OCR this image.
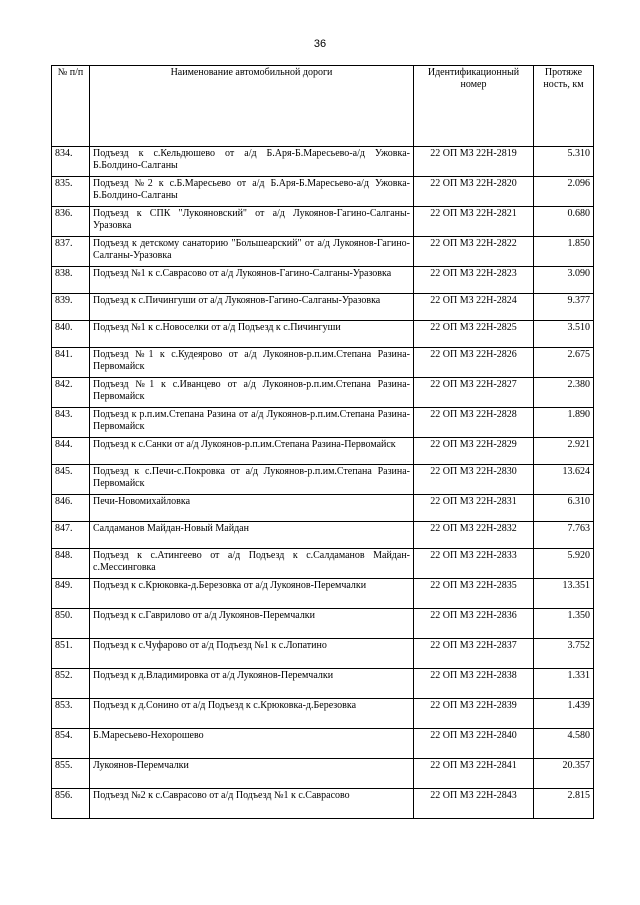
36
№ п/п	Наименование автомобильной дороги	Идентификационный номер	Протяже ность, км
834.	Подъезд к с.Кельдюшево от а/д Б.Аря-Б.Маресьево-а/д Ужовка-Б.Болдино-Салганы	22 ОП МЗ 22Н-2819	5.310
835.	Подъезд №2 к с.Б.Маресьево от а/д Б.Аря-Б.Маресьево-а/д Ужовка-Б.Болдино-Салганы	22 ОП МЗ 22Н-2820	2.096
836.	Подъезд к СПК "Лукояновский" от а/д Лукоянов-Гагино-Салганы-Уразовка	22 ОП МЗ 22Н-2821	0.680
837.	Подъезд к детскому санаторию "Большеарский" от а/д Лукоянов-Гагино-Салганы-Уразовка	22 ОП МЗ 22Н-2822	1.850
838.	Подъезд №1 к с.Саврасово от а/д Лукоянов-Гагино-Салганы-Уразовка	22 ОП МЗ 22Н-2823	3.090
839.	Подъезд к с.Пичингуши от а/д Лукоянов-Гагино-Салганы-Уразовка	22 ОП МЗ 22Н-2824	9.377
840.	Подъезд №1 к с.Новоселки от а/д Подъезд к с.Пичингуши	22 ОП МЗ 22Н-2825	3.510
841.	Подъезд №1 к с.Кудеярово от а/д Лукоянов-р.п.им.Степана Разина-Первомайск	22 ОП МЗ 22Н-2826	2.675
842.	Подъезд №1 к с.Иванцево от а/д Лукоянов-р.п.им.Степана Разина-Первомайск	22 ОП МЗ 22Н-2827	2.380
843.	Подъезд к р.п.им.Степана Разина от а/д Лукоянов-р.п.им.Степана Разина-Первомайск	22 ОП МЗ 22Н-2828	1.890
844.	Подъезд к с.Санки от а/д Лукоянов-р.п.им.Степана Разина-Первомайск	22 ОП МЗ 22Н-2829	2.921
845.	Подъезд к с.Печи-с.Покровка от а/д Лукоянов-р.п.им.Степана Разина-Первомайск	22 ОП МЗ 22Н-2830	13.624
846.	Печи-Новомихайловка	22 ОП МЗ 22Н-2831	6.310
847.	Салдаманов Майдан-Новый Майдан	22 ОП МЗ 22Н-2832	7.763
848.	Подъезд к с.Атингеево от а/д Подъезд к с.Салдаманов Майдан-с.Мессинговка	22 ОП МЗ 22Н-2833	5.920
849.	Подъезд к с.Крюковка-д.Березовка от а/д Лукоянов-Перемчалки	22 ОП МЗ 22Н-2835	13.351
850.	Подъезд к с.Гаврилово от а/д Лукоянов-Перемчалки	22 ОП МЗ 22Н-2836	1.350
851.	Подъезд к с.Чуфарово от а/д Подъезд №1 к с.Лопатино	22 ОП МЗ 22Н-2837	3.752
852.	Подъезд к д.Владимировка от а/д Лукоянов-Перемчалки	22 ОП МЗ 22Н-2838	1.331
853.	Подъезд к д.Сонино от а/д Подъезд к с.Крюковка-д.Березовка	22 ОП МЗ 22Н-2839	1.439
854.	Б.Маресьево-Нехорошево	22 ОП МЗ 22Н-2840	4.580
855.	Лукоянов-Перемчалки	22 ОП МЗ 22Н-2841	20.357
856.	Подъезд №2 к с.Саврасово от а/д Подъезд №1 к с.Саврасово	22 ОП МЗ 22Н-2843	2.815
